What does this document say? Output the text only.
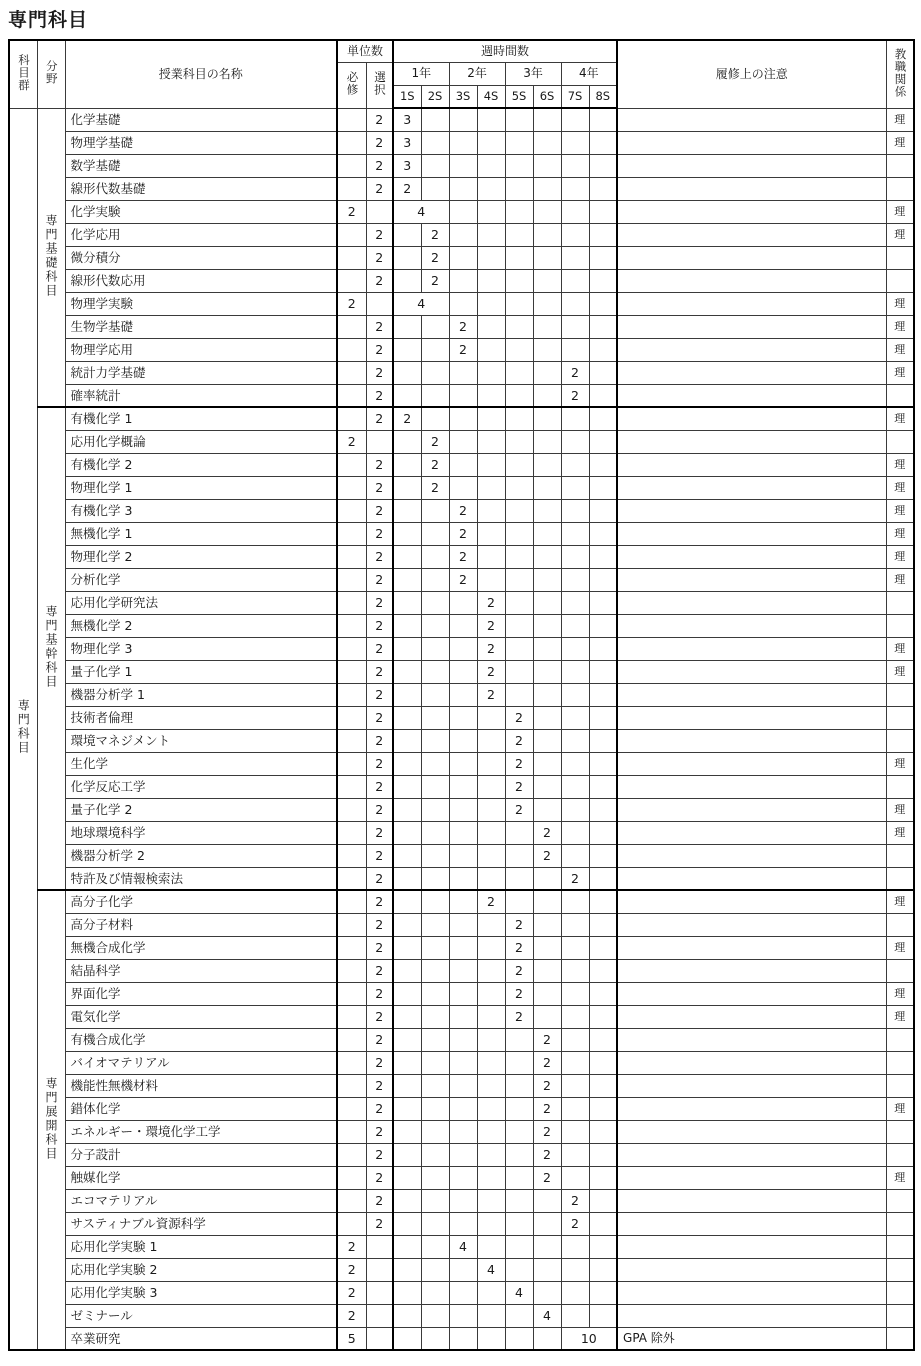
専門科目
科目群	分野	授業科目の名称	単位数		週時間数								履修上の注意	教職関係
			必修	選択	1年		2年		3年		4年			
					1S	2S	3S	4S	5S	6S	7S	8S		
専門科目	専門基礎科目	化学基礎		2	3									理
		物理学基礎		2	3									理
		数学基礎		2	3									
		線形代数基礎		2	2									
		化学実験	2		4									理
		化学応用		2		2								理
		微分積分		2		2								
		線形代数応用		2		2								
		物理学実験	2		4									理
		生物学基礎		2			2							理
		物理学応用		2			2							理
		統計力学基礎		2							2			理
		確率統計		2							2			
	専門基幹科目	有機化学 1		2	2									理
		応用化学概論	2			2								
		有機化学 2		2		2								理
		物理化学 1		2		2								理
		有機化学 3		2			2							理
		無機化学 1		2			2							理
		物理化学 2		2			2							理
		分析化学		2			2							理
		応用化学研究法		2				2						
		無機化学 2		2				2						
		物理化学 3		2				2						理
		量子化学 1		2				2						理
		機器分析学 1		2				2						
		技術者倫理		2					2					
		環境マネジメント		2					2					
		生化学		2					2					理
		化学反応工学		2					2					
		量子化学 2		2					2					理
		地球環境科学		2						2				理
		機器分析学 2		2						2				
		特許及び情報検索法		2							2			
	専門展開科目	高分子化学		2				2						理
		高分子材料		2					2					
		無機合成化学		2					2					理
		結晶科学		2					2					
		界面化学		2					2					理
		電気化学		2					2					理
		有機合成化学		2						2				
		バイオマテリアル		2						2				
		機能性無機材料		2						2				
		錯体化学		2						2				理
		エネルギー・環境化学工学		2						2				
		分子設計		2						2				
		触媒化学		2						2				理
		エコマテリアル		2							2			
		サスティナブル資源科学		2							2			
		応用化学実験 1	2				4							
		応用化学実験 2	2					4						
		応用化学実験 3	2						4					
		ゼミナール	2							4				
		卒業研究	5								10		GPA 除外	
